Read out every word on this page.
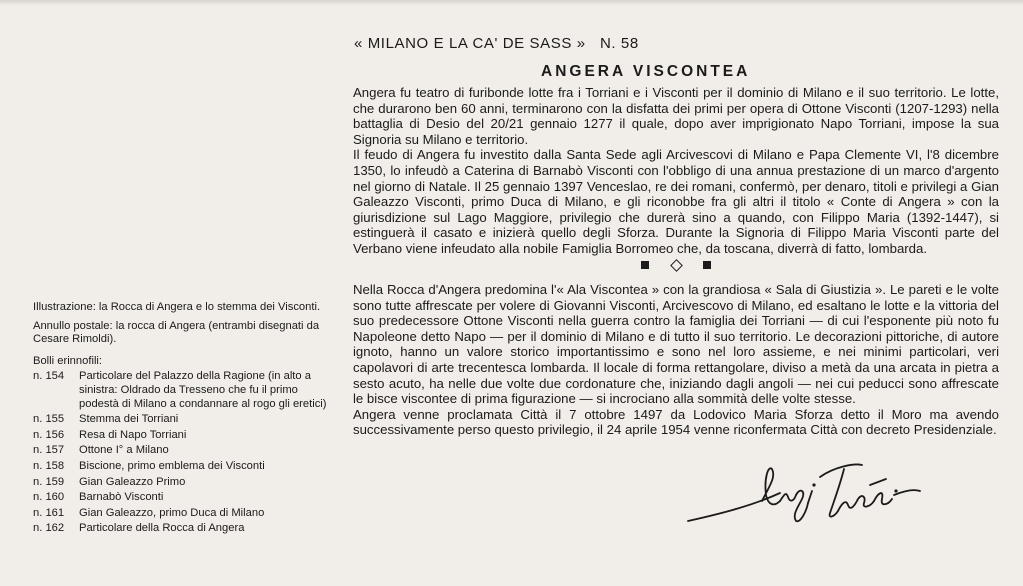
« MILANO E LA CA' DE SASS » N. 58
ANGERA VISCONTEA

Angera fu teatro di furibonde lotte fra i Torriani e i Visconti per il dominio di Milano e il suo territorio. Le lotte, che durarono ben 60 anni, terminarono con la disfatta dei primi per opera di Ottone Visconti (1207-1293) nella battaglia di Desio del 20/21 gennaio 1277 il quale, dopo aver imprigionato Napo Torriani, impose la sua Signoria su Milano e territorio.

Il feudo di Angera fu investito dalla Santa Sede agli Arcivescovi di Milano e Papa Clemente VI, l'8 dicembre 1350, lo infeudò a Caterina di Barnabò Visconti con l'obbligo di una annua prestazione di un marco d'argento nel giorno di Natale. Il 25 gennaio 1397 Venceslao, re dei romani, confermò, per denaro, titoli e privilegi a Gian Galeazzo Visconti, primo Duca di Milano, e gli riconobbe fra gli altri il titolo « Conte di Angera » con la giurisdizione sul Lago Maggiore, privilegio che durerà sino a quando, con Filippo Maria (1392-1447), si estinguerà il casato e inizierà quello degli Sforza. Durante la Signoria di Filippo Maria Visconti parte del Verbano viene infeudato alla nobile Famiglia Borromeo che, da toscana, diverrà di fatto, lombarda.

Nella Rocca d'Angera predomina l'« Ala Viscontea » con la grandiosa « Sala di Giustizia ». Le pareti e le volte sono tutte affrescate per volere di Giovanni Visconti, Arcivescovo di Milano, ed esaltano le lotte e la vittoria del suo predecessore Ottone Visconti nella guerra contro la famiglia dei Torriani — di cui l'esponente più noto fu Napoleone detto Napo — per il dominio di Milano e di tutto il suo territorio. Le decorazioni pittoriche, di autore ignoto, hanno un valore storico importantissimo e sono nel loro assieme, e nei minimi particolari, veri capolavori di arte trecentesca lombarda. Il locale di forma rettangolare, diviso a metà da una arcata in pietra a sesto acuto, ha nelle due volte due cordonature che, iniziando dagli angoli — nei cui peducci sono affrescate le bisce viscontee di prima figurazione — si incrociano alla sommità delle volte stesse.

Angera venne proclamata Città il 7 ottobre 1497 da Lodovico Maria Sforza detto il Moro ma avendo successivamente perso questo privilegio, il 24 aprile 1954 venne riconfermata Città con decreto Presidenziale.

Illustrazione: la Rocca di Angera e lo stemma dei Visconti.

Annullo postale: la rocca di Angera (entrambi disegnati da Cesare Rimoldi).

Bolli erinnofili:
n. 154	Particolare del Palazzo della Ragione (in alto a sinistra: Oldrado da Tresseno che fu il primo podestà di Milano a condannare al rogo gli eretici)
n. 155	Stemma dei Torriani
n. 156	Resa di Napo Torriani
n. 157	Ottone I° a Milano
n. 158	Biscione, primo emblema dei Visconti
n. 159	Gian Galeazzo Primo
n. 160	Barnabò Visconti
n. 161	Gian Galeazzo, primo Duca di Milano
n. 162	Particolare della Rocca di Angera
